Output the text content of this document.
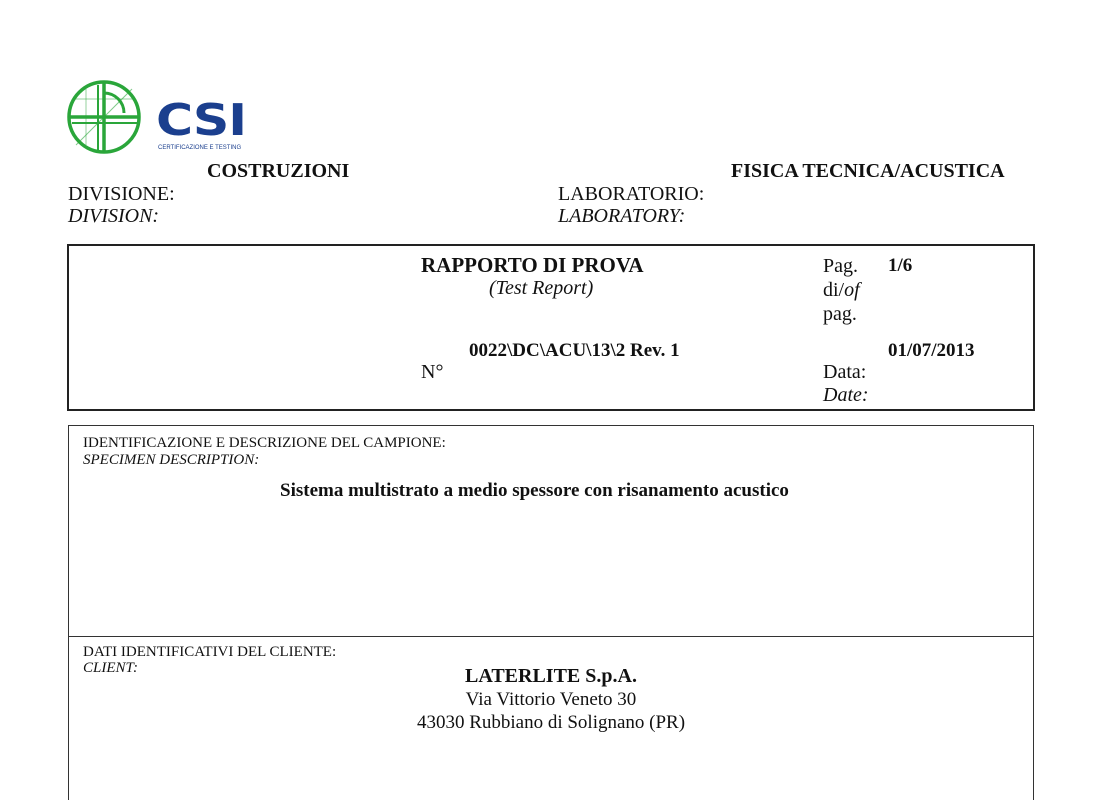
CSI
CERTIFICAZIONE E TESTING
COSTRUZIONI
DIVISIONE:
DIVISION:
FISICA TECNICA/ACUSTICA
LABORATORIO:
LABORATORY:
RAPPORTO DI PROVA
(Test Report)
Pag.
di/of
pag.
1/6
0022\DC\ACU\13\2 Rev. 1
N°
01/07/2013
Data:
Date:
IDENTIFICAZIONE E DESCRIZIONE DEL CAMPIONE:
SPECIMEN DESCRIPTION:
Sistema multistrato a medio spessore con risanamento acustico
DATI IDENTIFICATIVI DEL CLIENTE:
CLIENT:	LATERLITE S.p.A.
Via Vittorio Veneto 30
43030 Rubbiano di Solignano (PR)
